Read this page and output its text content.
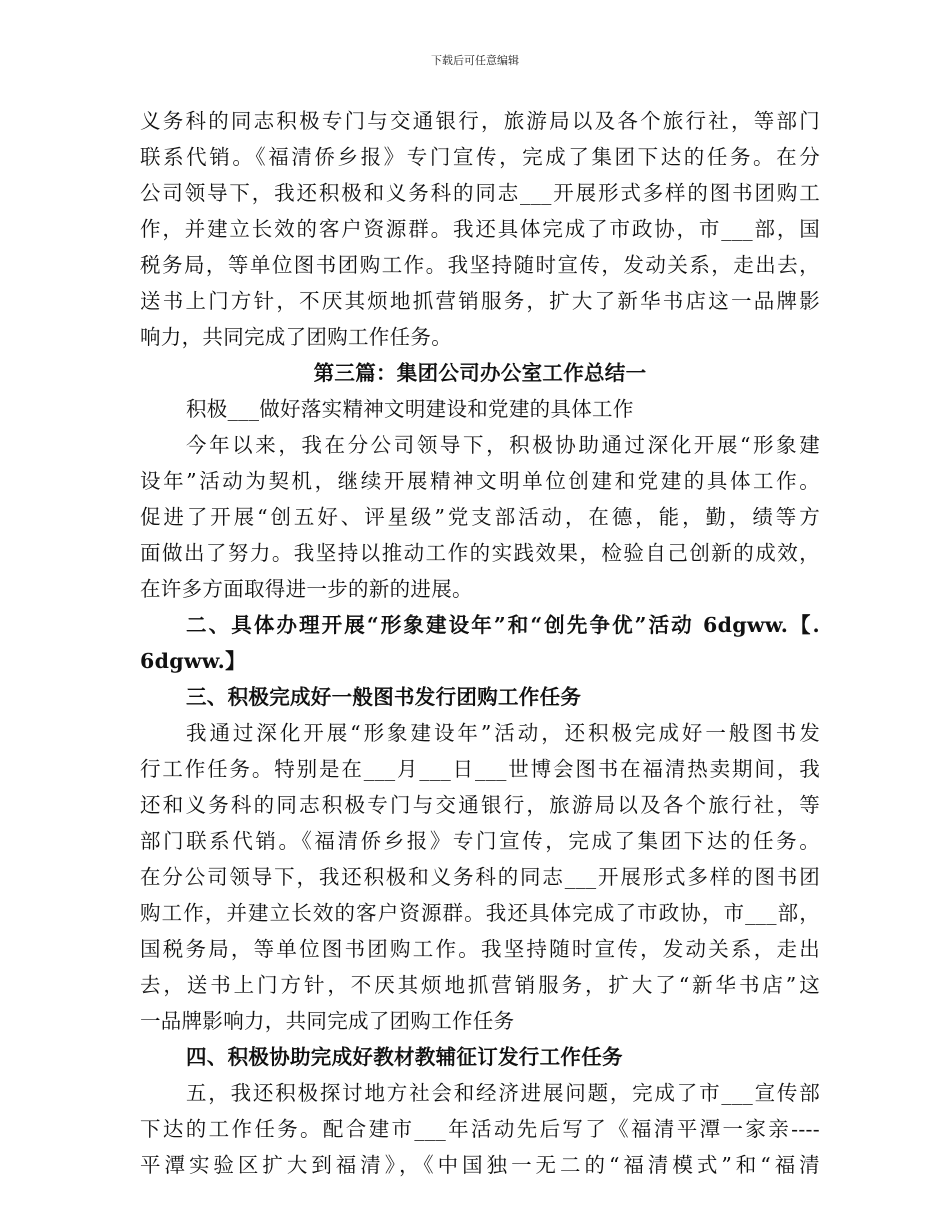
下载后可任意编辑
义务科的同志积极专门与交通银行，旅游局以及各个旅行社，等部门
联系代销。《福清侨乡报》专门宣传，完成了集团下达的任务。在分
公司领导下，我还积极和义务科的同志___开展形式多样的图书团购工
作，并建立长效的客户资源群。我还具体完成了市政协，市___部，国
税务局，等单位图书团购工作。我坚持随时宣传，发动关系，走出去，
送书上门方针，不厌其烦地抓营销服务，扩大了新华书店这一品牌影
响力，共同完成了团购工作任务。
第三篇：集团公司办公室工作总结一
积极___做好落实精神文明建设和党建的具体工作
今年以来，我在分公司领导下，积极协助通过深化开展“形象建
设年”活动为契机，继续开展精神文明单位创建和党建的具体工作。
促进了开展“创五好、评星级”党支部活动，在德，能，勤，绩等方
面做出了努力。我坚持以推动工作的实践效果，检验自己创新的成效，
在许多方面取得进一步的新的进展。
二、具体办理开展“形象建设年”和“创先争优”活动 6dgww.【.
6dgww.】
三、积极完成好一般图书发行团购工作任务
我通过深化开展“形象建设年”活动，还积极完成好一般图书发
行工作任务。特别是在___月___日___世博会图书在福清热卖期间，我
还和义务科的同志积极专门与交通银行，旅游局以及各个旅行社，等
部门联系代销。《福清侨乡报》专门宣传，完成了集团下达的任务。
在分公司领导下，我还积极和义务科的同志___开展形式多样的图书团
购工作，并建立长效的客户资源群。我还具体完成了市政协，市___部，
国税务局，等单位图书团购工作。我坚持随时宣传，发动关系，走出
去，送书上门方针，不厌其烦地抓营销服务，扩大了“新华书店”这
一品牌影响力，共同完成了团购工作任务
四、积极协助完成好教材教辅征订发行工作任务
五，我还积极探讨地方社会和经济进展问题，完成了市___宣传部
下达的工作任务。配合建市___年活动先后写了《福清平潭一家亲----
平潭实验区扩大到福清》，《中国独一无二的“福清模式”和“福清
